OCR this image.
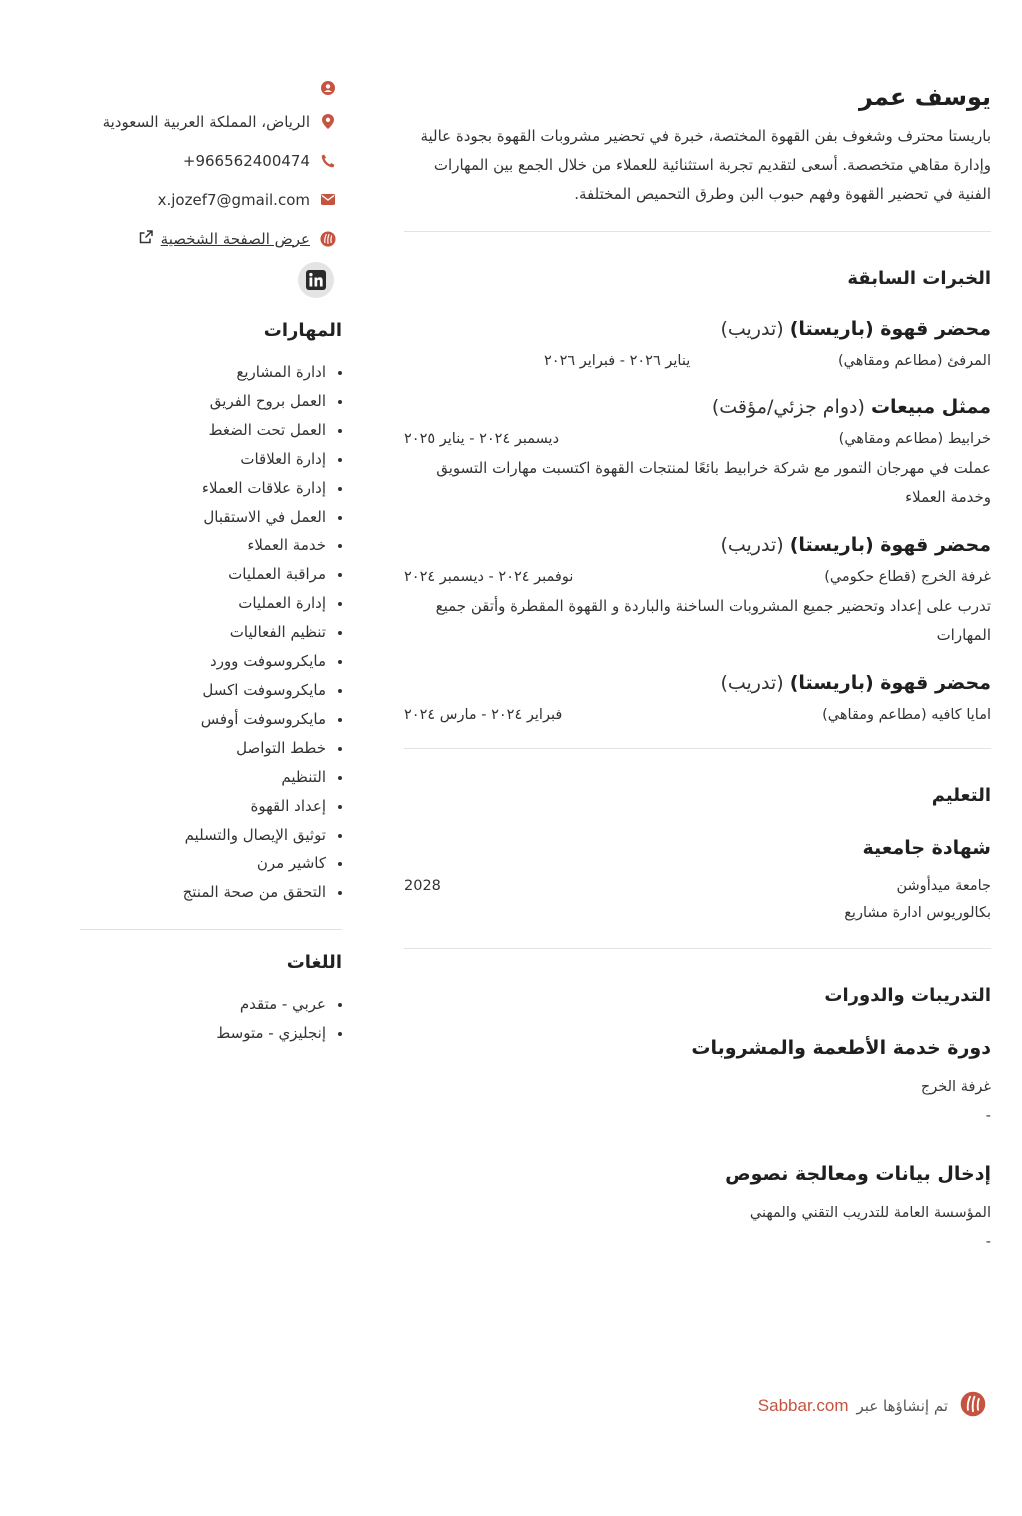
يوسف عمر

باريستا محترف وشغوف بفن القهوة المختصة، خبرة في تحضير مشروبات القهوة بجودة عالية وإدارة مقاهي متخصصة. أسعى لتقديم تجربة استثنائية للعملاء من خلال الجمع بين المهارات الفنية في تحضير القهوة وفهم حبوب البن وطرق التحميص المختلفة.

الخبرات السابقة
محضر قهوة (باريستا) (تدريب)
المرفئ (مطاعم ومقاهي)
يناير ٢٠٢٦ - فبراير ٢٠٢٦
ممثل مبيعات (دوام جزئي/مؤقت)
خرابيط (مطاعم ومقاهي)
ديسمبر ٢٠٢٤ - يناير ٢٠٢٥
عملت في مهرجان التمور مع شركة خرابيط بائعًا لمنتجات القهوة اكتسبت مهارات التسويق وخدمة العملاء
محضر قهوة (باريستا) (تدريب)
غرفة الخرج (قطاع حكومي)
نوفمبر ٢٠٢٤ - ديسمبر ٢٠٢٤
تدرب على إعداد وتحضير جميع المشروبات الساخنة والباردة و القهوة المقطرة وأتقن جميع المهارات
محضر قهوة (باريستا) (تدريب)
امايا كافيه (مطاعم ومقاهي)
فبراير ٢٠٢٤ - مارس ٢٠٢٤
التعليم
شهادة جامعية
جامعة ميدأوشن
2028
بكالوريوس ادارة مشاريع
التدريبات والدورات
دورة خدمة الأطعمة والمشروبات
غرفة الخرج
-
إدخال بيانات ومعالجة نصوص
المؤسسة العامة للتدريب التقني والمهني
-
الرياض، المملكة العربية السعودية
+966562400474
x.jozef7@gmail.com
عرض الصفحة الشخصية
المهارات
ادارة المشاريع
العمل بروح الفريق
العمل تحت الضغط
إدارة العلاقات
إدارة علاقات العملاء
العمل في الاستقبال
خدمة العملاء
مراقبة العمليات
إدارة العمليات
تنظيم الفعاليات
مايكروسوفت وورد
مايكروسوفت اكسل
مايكروسوفت أوفس
خطط التواصل
التنظيم
إعداد القهوة
توثيق الإيصال والتسليم
كاشير مرن
التحقق من صحة المنتج
اللغات
عربي - متقدم
إنجليزي - متوسط
تم إنشاؤها عبر
Sabbar.com
